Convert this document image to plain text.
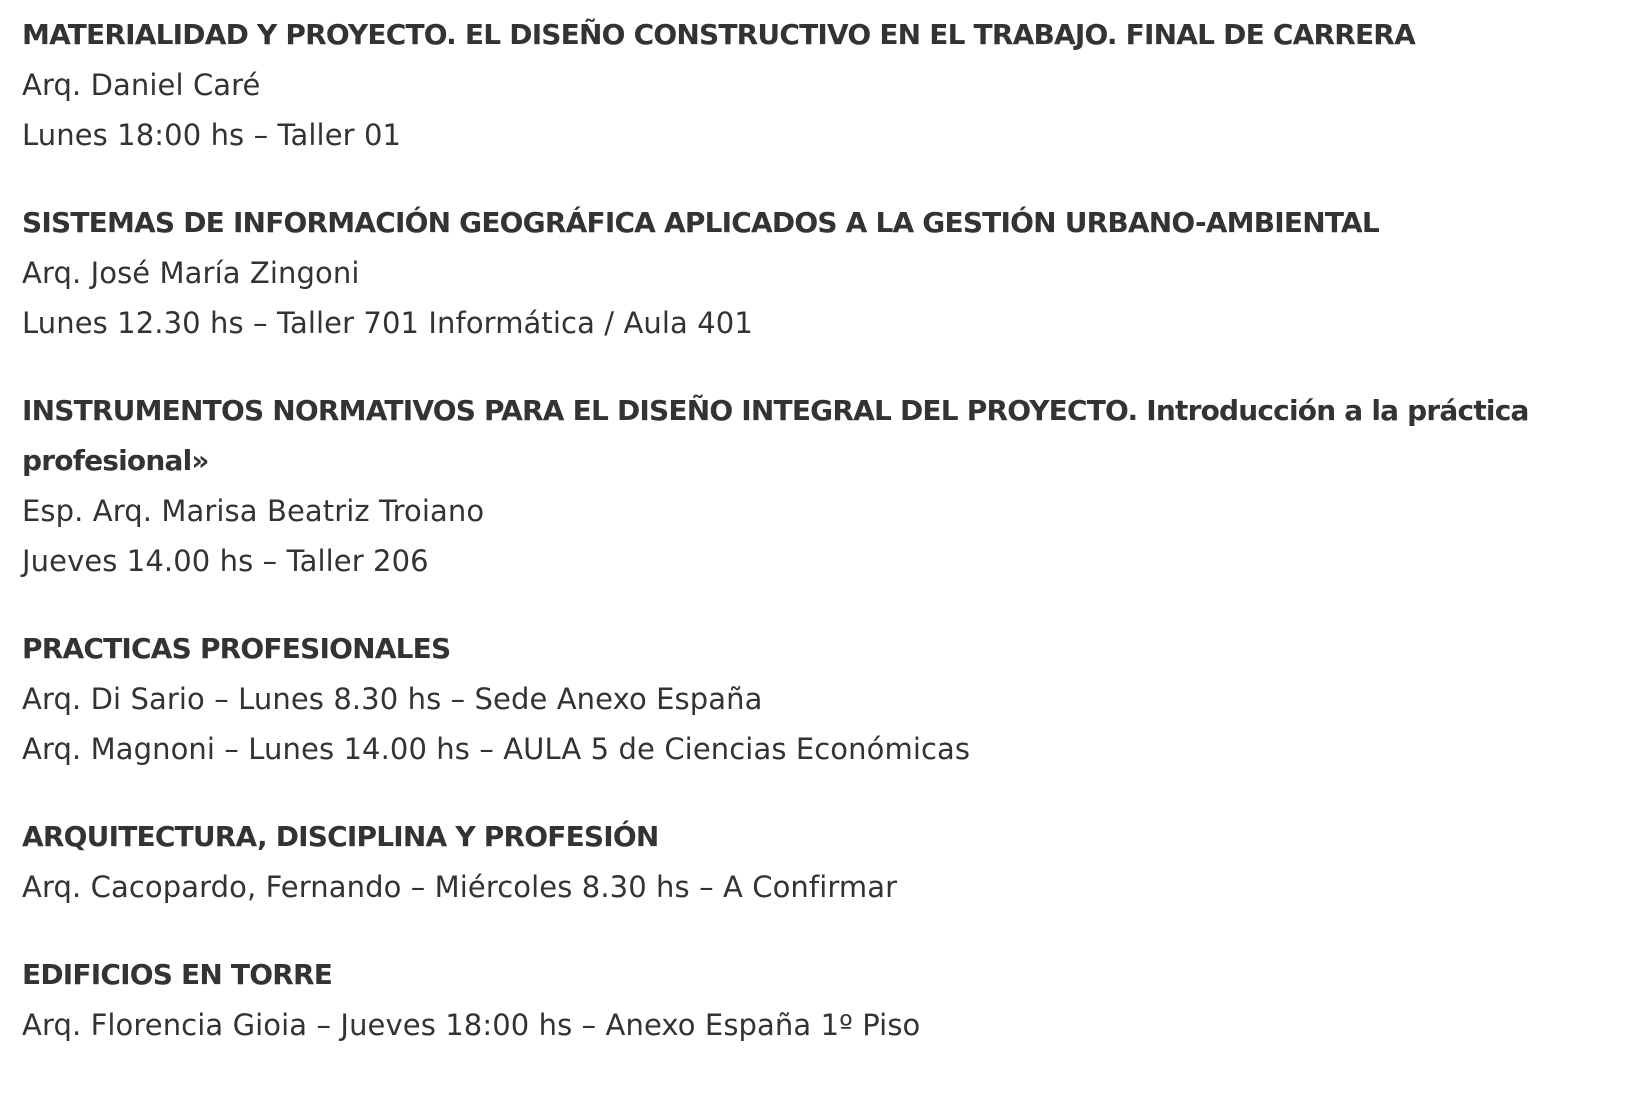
MATERIALIDAD Y PROYECTO. EL DISEÑO CONSTRUCTIVO EN EL TRABAJO. FINAL DE CARRERA

Arq. Daniel Caré

Lunes 18:00 hs – Taller 01

SISTEMAS DE INFORMACIÓN GEOGRÁFICA APLICADOS A LA GESTIÓN URBANO-AMBIENTAL

Arq. José María Zingoni

Lunes 12.30 hs – Taller 701 Informática / Aula 401

INSTRUMENTOS NORMATIVOS PARA EL DISEÑO INTEGRAL DEL PROYECTO. Introducción a la práctica profesional»

Esp. Arq. Marisa Beatriz Troiano

Jueves 14.00 hs – Taller 206

PRACTICAS PROFESIONALES

Arq. Di Sario – Lunes 8.30 hs – Sede Anexo España

Arq. Magnoni – Lunes 14.00 hs – AULA 5 de Ciencias Económicas

ARQUITECTURA, DISCIPLINA Y PROFESIÓN

Arq. Cacopardo, Fernando – Miércoles 8.30 hs – A Confirmar

EDIFICIOS EN TORRE

Arq. Florencia Gioia – Jueves 18:00 hs – Anexo España 1º Piso
